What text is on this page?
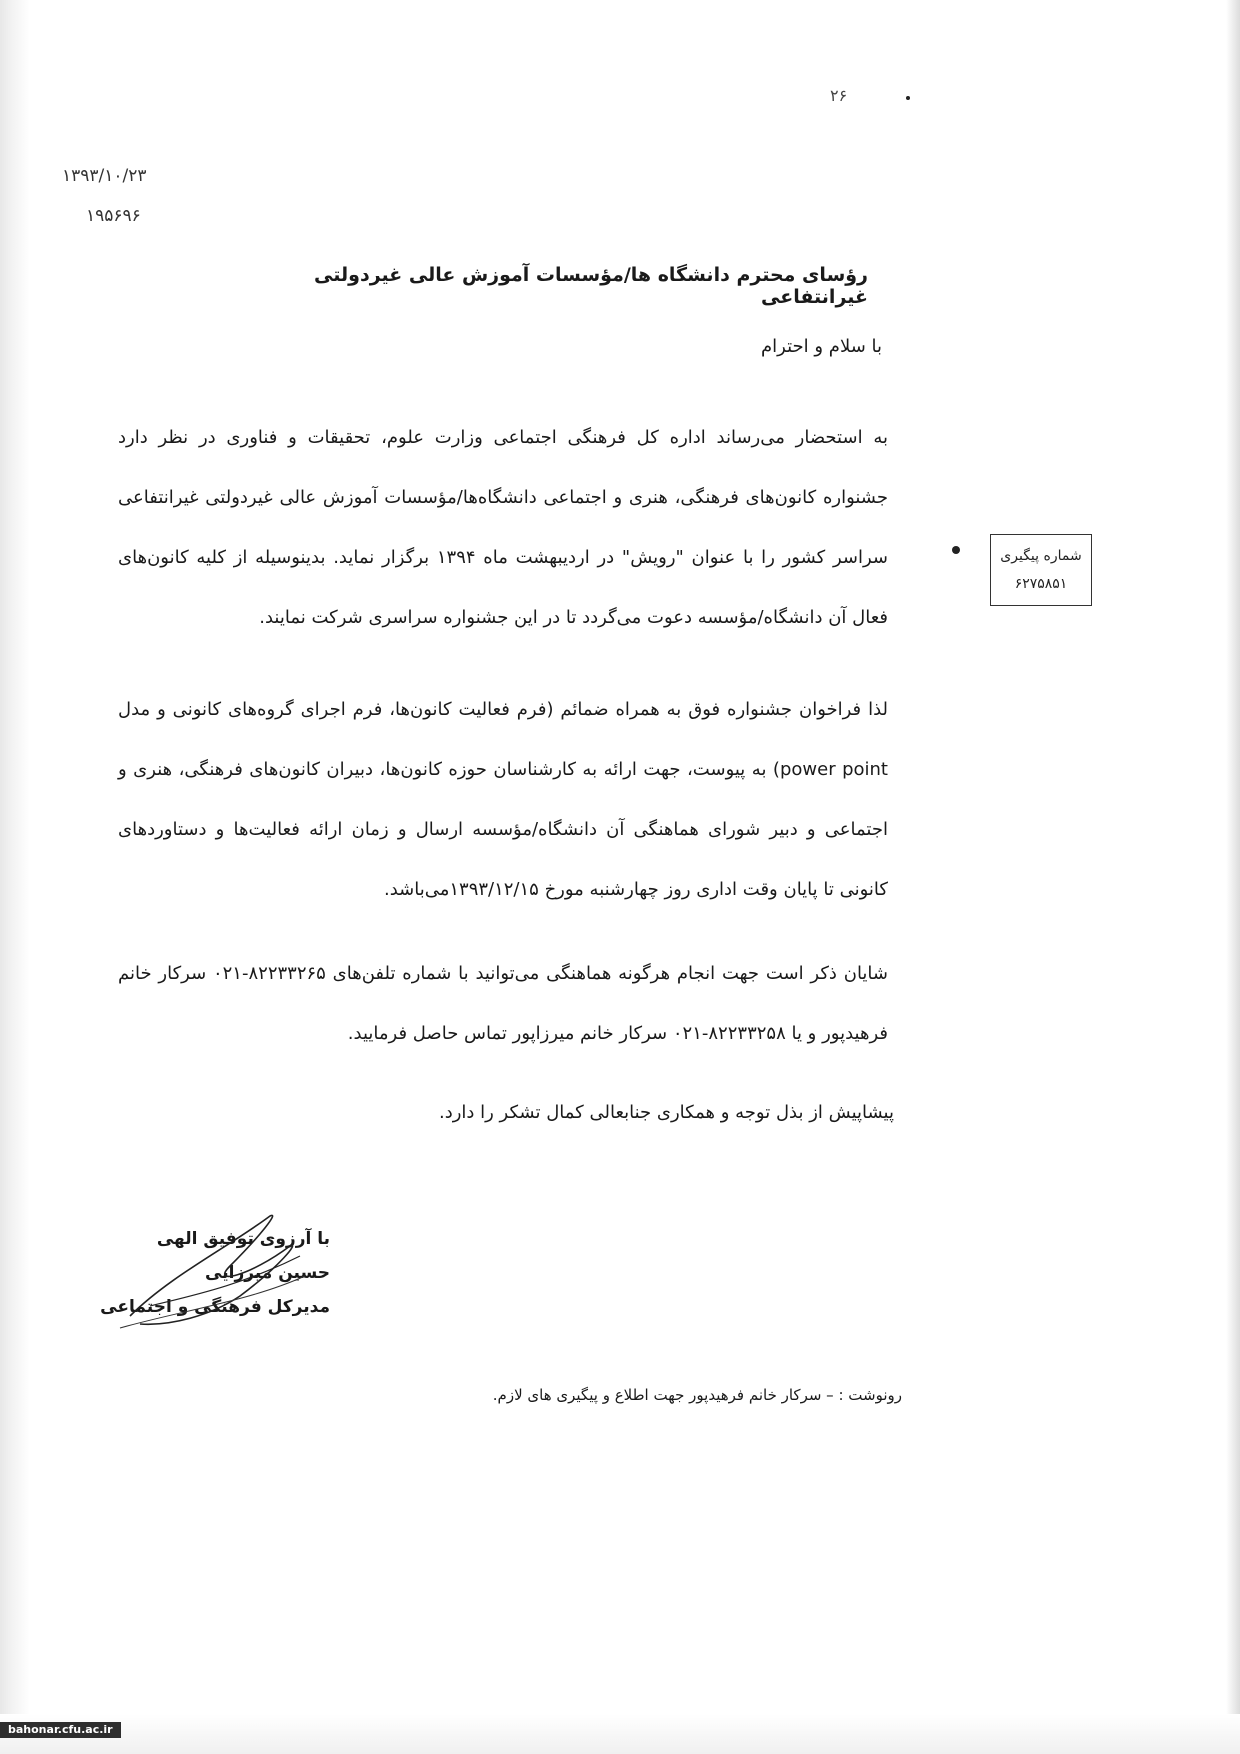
۲۶
۱۳۹۳/۱۰/۲۳
۱۹۵۶۹۶
رؤسای محترم دانشگاه ها/مؤسسات آموزش عالی غیردولتی غیرانتفاعی
با سلام و احترام
به استحضار می‌رساند اداره کل فرهنگی اجتماعی وزارت علوم، تحقیقات و فناوری در نظر دارد جشنواره کانون‌های فرهنگی، هنری و اجتماعی دانشگاه‌ها/مؤسسات آموزش عالی غیردولتی غیرانتفاعی سراسر کشور را با عنوان "رویش" در اردیبهشت ماه ۱۳۹۴ برگزار نماید. بدینوسیله از کلیه کانون‌های فعال آن دانشگاه/مؤسسه دعوت می‌گردد تا در این جشنواره سراسری شرکت نمایند.
لذا فراخوان جشنواره فوق به همراه ضمائم (فرم فعالیت کانون‌ها، فرم اجرای گروه‌های کانونی و مدل power point) به پیوست، جهت ارائه به کارشناسان حوزه کانون‌ها، دبیران کانون‌های فرهنگی، هنری و اجتماعی و دبیر شورای هماهنگی آن دانشگاه/مؤسسه ارسال و زمان ارائه فعالیت‌ها و دستاوردهای کانونی تا پایان وقت اداری روز چهارشنبه مورخ ۱۳۹۳/۱۲/۱۵می‌باشد.
شایان ذکر است جهت انجام هرگونه هماهنگی می‌توانید با شماره تلفن‌های ۸۲۲۳۳۲۶۵-۰۲۱ سرکار خانم فرهیدپور و یا ۸۲۲۳۳۲۵۸-۰۲۱ سرکار خانم میرزاپور تماس حاصل فرمایید.
پیشاپیش از بذل توجه و همکاری جنابعالی کمال تشکر را دارد.
شماره پیگیری
۶۲۷۵۸۵۱
با آرزوی توفیق الهی
حسین میرزایی
مدیرکل فرهنگی و اجتماعی
رونوشت : – سرکار خانم فرهیدپور جهت اطلاع و پیگیری های لازم.
bahonar.cfu.ac.ir
